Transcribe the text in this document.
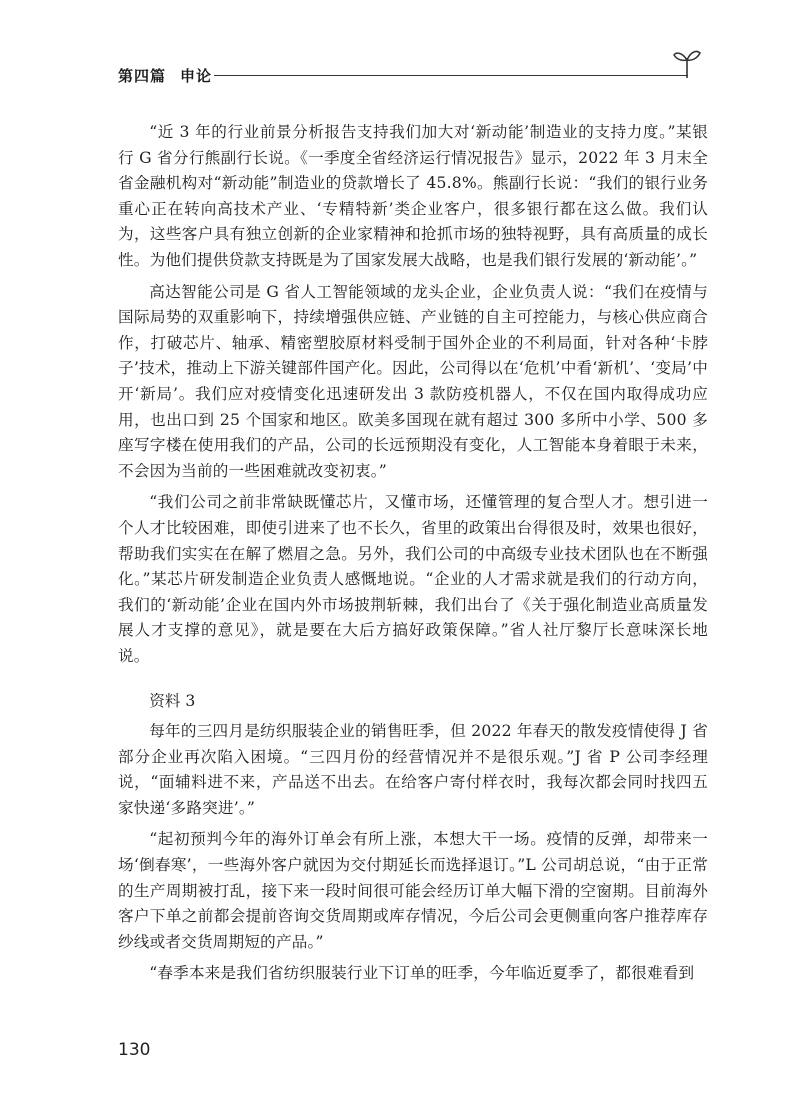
第四篇 申论

“近 3 年的行业前景分析报告支持我们加大对‘新动能’制造业的支持力度。”某银行 G 省分行熊副行长说。《一季度全省经济运行情况报告》显示，2022 年 3 月末全省金融机构对“新动能”制造业的贷款增长了 45.8%。熊副行长说：“我们的银行业务重心正在转向高技术产业、‘专精特新’类企业客户，很多银行都在这么做。我们认为，这些客户具有独立创新的企业家精神和抢抓市场的独特视野，具有高质量的成长性。为他们提供贷款支持既是为了国家发展大战略，也是我们银行发展的‘新动能’。”

高达智能公司是 G 省人工智能领域的龙头企业，企业负责人说：“我们在疫情与国际局势的双重影响下，持续增强供应链、产业链的自主可控能力，与核心供应商合作，打破芯片、轴承、精密塑胶原材料受制于国外企业的不利局面，针对各种‘卡脖子’技术，推动上下游关键部件国产化。因此，公司得以在‘危机’中看‘新机’、‘变局’中开‘新局’。我们应对疫情变化迅速研发出 3 款防疫机器人，不仅在国内取得成功应用，也出口到 25 个国家和地区。欧美多国现在就有超过 300 多所中小学、500 多座写字楼在使用我们的产品，公司的长远预期没有变化，人工智能本身着眼于未来，不会因为当前的一些困难就改变初衷。”

“我们公司之前非常缺既懂芯片，又懂市场，还懂管理的复合型人才。想引进一个人才比较困难，即使引进来了也不长久，省里的政策出台得很及时，效果也很好，帮助我们实实在在解了燃眉之急。另外，我们公司的中高级专业技术团队也在不断强化。”某芯片研发制造企业负责人感慨地说。“企业的人才需求就是我们的行动方向，我们的‘新动能’企业在国内外市场披荆斩棘，我们出台了《关于强化制造业高质量发展人才支撑的意见》，就是要在大后方搞好政策保障。”省人社厅黎厅长意味深长地说。

资料 3

每年的三四月是纺织服装企业的销售旺季，但 2022 年春天的散发疫情使得 J 省部分企业再次陷入困境。“三四月份的经营情况并不是很乐观。”J 省 P 公司李经理说，“面辅料进不来，产品送不出去。在给客户寄付样衣时，我每次都会同时找四五家快递‘多路突进’。”

“起初预判今年的海外订单会有所上涨，本想大干一场。疫情的反弹，却带来一场‘倒春寒’，一些海外客户就因为交付期延长而选择退订。”L 公司胡总说，“由于正常的生产周期被打乱，接下来一段时间很可能会经历订单大幅下滑的空窗期。目前海外客户下单之前都会提前咨询交货周期或库存情况，今后公司会更侧重向客户推荐库存纱线或者交货周期短的产品。”

“春季本来是我们省纺织服装行业下订单的旺季，今年临近夏季了，都很难看到

130
